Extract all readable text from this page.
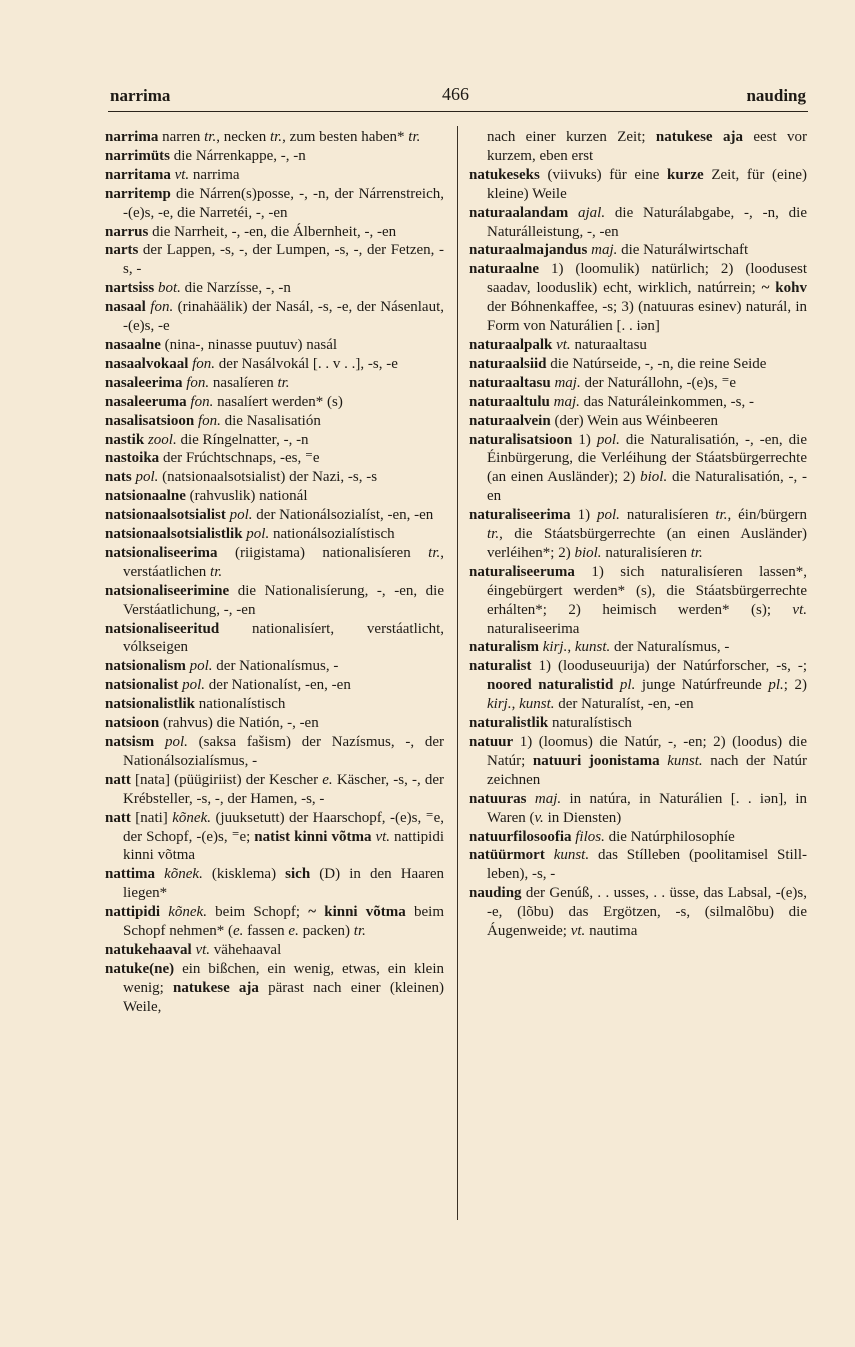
narrima	466	nauding

narrima narren tr., necken tr., zum besten haben* tr.

narrimüts die Nárrenkappe, -, -n

narritama vt. narrima

narritemp die Nárren(s)posse, -, -n, der Nárrenstreich, -(e)s, -e, die Narretéi, -, -en

narrus die Narrheit, -, -en, die Álbernheit, -, -en

narts der Lappen, -s, -, der Lumpen, -s, -, der Fetzen, -s, -

nartsiss bot. die Narzísse, -, -n

nasaal fon. (rinahäälik) der Nasál, -s, -e, der Násenlaut, -(e)s, -e

nasaalne (nina-, ninasse puutuv) nasál

nasaalvokaal fon. der Nasálvokál [. . v . .], -s, -e

nasaleerima fon. nasalíeren tr.

nasaleeruma fon. nasalíert werden* (s)

nasalisatsioon fon. die Nasalisatión

nastik zool. die Ríngelnatter, -, -n

nastoika der Frúchtschnaps, -es, ⁼e

nats pol. (natsionaalsotsialist) der Nazi, -s, -s

natsionaalne (rahvuslik) nationál

natsionaalsotsialist pol. der Nationálsozialíst, -en, -en

natsionaalsotsialistlik pol. nationálsozialístisch

natsionaliseerima (riigistama) nationalisíeren tr., verstáatlichen tr.

natsionaliseerimine die Nationalisíerung, -, -en, die Verstáatlichung, -, -en

natsionaliseeritud nationalisíert, verstáatlicht, vólkseigen

natsionalism pol. der Nationalísmus, -

natsionalist pol. der Nationalíst, -en, -en

natsionalistlik nationalístisch

natsioon (rahvus) die Natión, -, -en

natsism pol. (saksa fašism) der Nazísmus, -, der Nationálsozialísmus, -

natt [nata] (püügiriist) der Kescher e. Käscher, -s, -, der Krébsteller, -s, -, der Hamen, -s, -

natt [nati] kõnek. (juuksetutt) der Haarschopf, -(e)s, ⁼e, der Schopf, -(e)s, ⁼e; natist kinni võtma vt. nattipidi kinni võtma

nattima kõnek. (kisklema) sich (D) in den Haaren liegen*

nattipidi kõnek. beim Schopf; ~ kinni võtma beim Schopf nehmen* (e. fassen e. packen) tr.

natukehaaval vt. vähehaaval

natuke(ne) ein bißchen, ein wenig, etwas, ein klein wenig; natukese aja pärast nach einer (kleinen) Weile,

nach einer kurzen Zeit; natukese aja eest vor kurzem, eben erst

natukeseks (viivuks) für eine kurze Zeit, für (eine) kleine) Weile

naturaalandam ajal. die Naturálabgabe, -, -n, die Naturálleistung, -, -en

naturaalmajandus maj. die Naturálwirtschaft

naturaalne 1) (loomulik) natürlich; 2) (loodusest saadav, looduslik) echt, wirklich, natúrrein; ~ kohv der Bóhnenkaffee, -s; 3) (natuuras esinev) naturál, in Form von Naturálien [. . iən]

naturaalpalk vt. naturaaltasu

naturaalsiid die Natúrseide, -, -n, die reine Seide

naturaaltasu maj. der Naturállohn, -(e)s, ⁼e

naturaaltulu maj. das Naturáleinkommen, -s, -

naturaalvein (der) Wein aus Wéinbeeren

naturalisatsioon 1) pol. die Naturalisatión, -, -en, die Éinbürgerung, die Verléihung der Stáatsbürgerrechte (an einen Ausländer); 2) biol. die Naturalisatión, -, -en

naturaliseerima 1) pol. naturalisíeren tr., éin/bürgern tr., die Stáatsbürgerrechte (an einen Ausländer) verléihen*; 2) biol. naturalisíeren tr.

naturaliseeruma 1) sich naturalisíeren lassen*, éingebürgert werden* (s), die Stáatsbürgerrechte erhálten*; 2) heimisch werden* (s); vt. naturaliseerima

naturalism kirj., kunst. der Naturalísmus, -

naturalist 1) (looduseuurija) der Natúrforscher, -s, -; noored naturalistid pl. junge Natúrfreunde pl.; 2) kirj., kunst. der Naturalíst, -en, -en

naturalistlik naturalístisch

natuur 1) (loomus) die Natúr, -, -en; 2) (loodus) die Natúr; natuuri joonistama kunst. nach der Natúr zeichnen

natuuras maj. in natúra, in Naturálien [. . iən], in Waren (v. in Diensten)

natuurfilosoofia filos. die Natúrphilosophíe

natüürmort kunst. das Stílleben (poolitamisel Still-leben), -s, -

nauding der Genúß, . . usses, . . üsse, das Labsal, -(e)s, -e, (lõbu) das Ergötzen, -s, (silmalõbu) die Áugenweide; vt. nautima
